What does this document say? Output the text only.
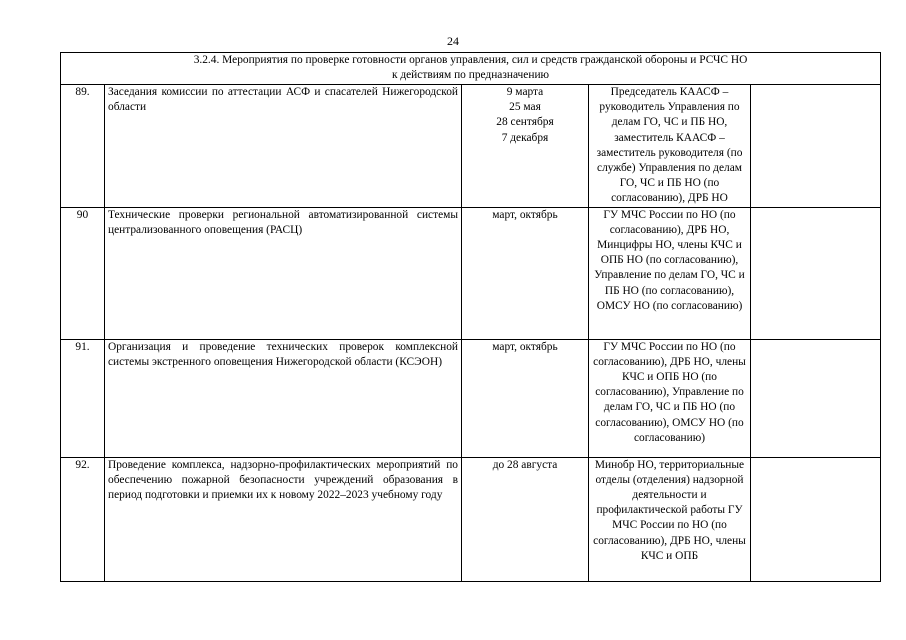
24
3.2.4. Мероприятия по проверке готовности органов управления, сил и средств гражданской обороны и РСЧС НО
к действиям по предназначению				

89.	Заседания комиссии по аттестации АСФ и спасателей Нижегородской области	9 марта
25 мая
28 сентября
7 декабря	Председатель КААСФ – руководитель Управления по делам ГО, ЧС и ПБ НО, заместитель КААСФ – заместитель руководителя (по службе) Управления по делам ГО, ЧС и ПБ НО (по согласованию), ДРБ НО	
90	Технические проверки региональной автоматизированной системы централизованного оповещения (РАСЦ)	март, октябрь	ГУ МЧС России по НО (по согласованию), ДРБ НО, Минцифры НО, члены КЧС и ОПБ НО (по согласованию), Управление по делам ГО, ЧС и ПБ НО (по согласованию), ОМСУ НО (по согласованию)	
91.	Организация и проведение технических проверок комплексной системы экстренного оповещения Нижегородской области (КСЭОН)	март, октябрь	ГУ МЧС России по НО (по согласованию), ДРБ НО, члены КЧС и ОПБ НО (по согласованию), Управление по делам ГО, ЧС и ПБ НО (по согласованию), ОМСУ НО (по согласованию)	
92.	Проведение комплекса, надзорно-профилактических мероприятий по обеспечению пожарной безопасности учреждений образования в период подготовки и приемки их к новому 2022–2023 учебному году	до 28 августа	Минобр НО, территориальные отделы (отделения) надзорной деятельности и профилактической работы ГУ МЧС России по НО (по согласованию), ДРБ НО, члены КЧС и ОПБ	
